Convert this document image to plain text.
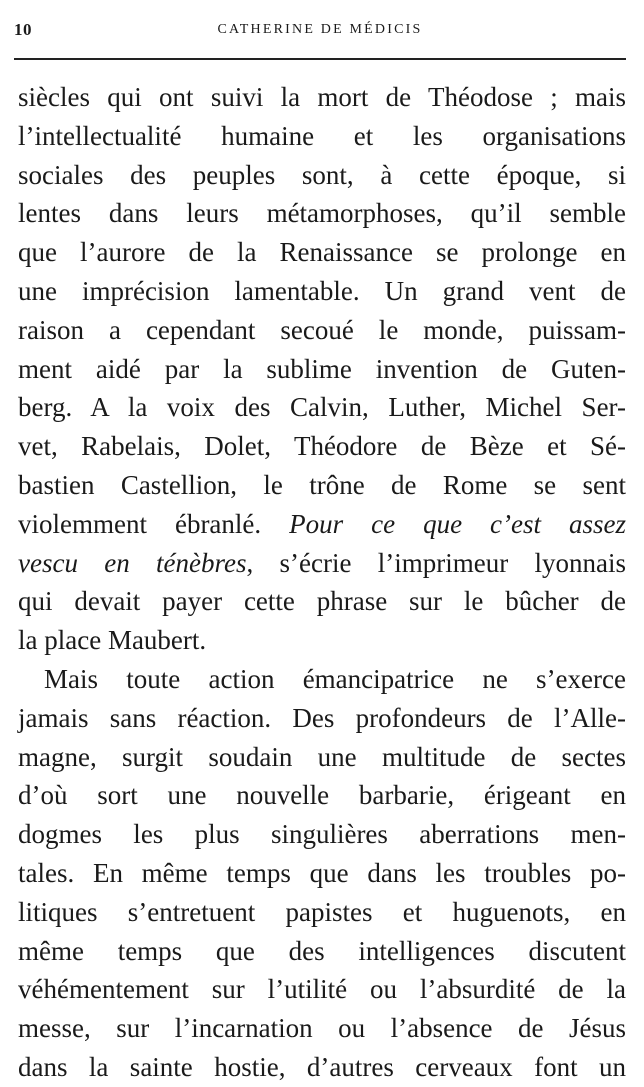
10	CATHERINE DE MÉDICIS
siècles qui ont suivi la mort de Théodose ; mais
l’intellectualité humaine et les organisations
sociales des peuples sont, à cette époque, si
lentes dans leurs métamorphoses, qu’il semble
que l’aurore de la Renaissance se prolonge en
une imprécision lamentable. Un grand vent de
raison a cependant secoué le monde, puissam-
ment aidé par la sublime invention de Guten-
berg. A la voix des Calvin, Luther, Michel Ser-
vet, Rabelais, Dolet, Théodore de Bèze et Sé-
bastien Castellion, le trône de Rome se sent
violemment ébranlé. Pour ce que c’est assez
vescu en ténèbres, s’écrie l’imprimeur lyonnais
qui devait payer cette phrase sur le bûcher de
la place Maubert.
Mais toute action émancipatrice ne s’exerce
jamais sans réaction. Des profondeurs de l’Alle-
magne, surgit soudain une multitude de sectes
d’où sort une nouvelle barbarie, érigeant en
dogmes les plus singulières aberrations men-
tales. En même temps que dans les troubles po-
litiques s’entretuent papistes et huguenots, en
même temps que des intelligences discutent
véhémentement sur l’utilité ou l’absurdité de la
messe, sur l’incarnation ou l’absence de Jésus
dans la sainte hostie, d’autres cerveaux font un
